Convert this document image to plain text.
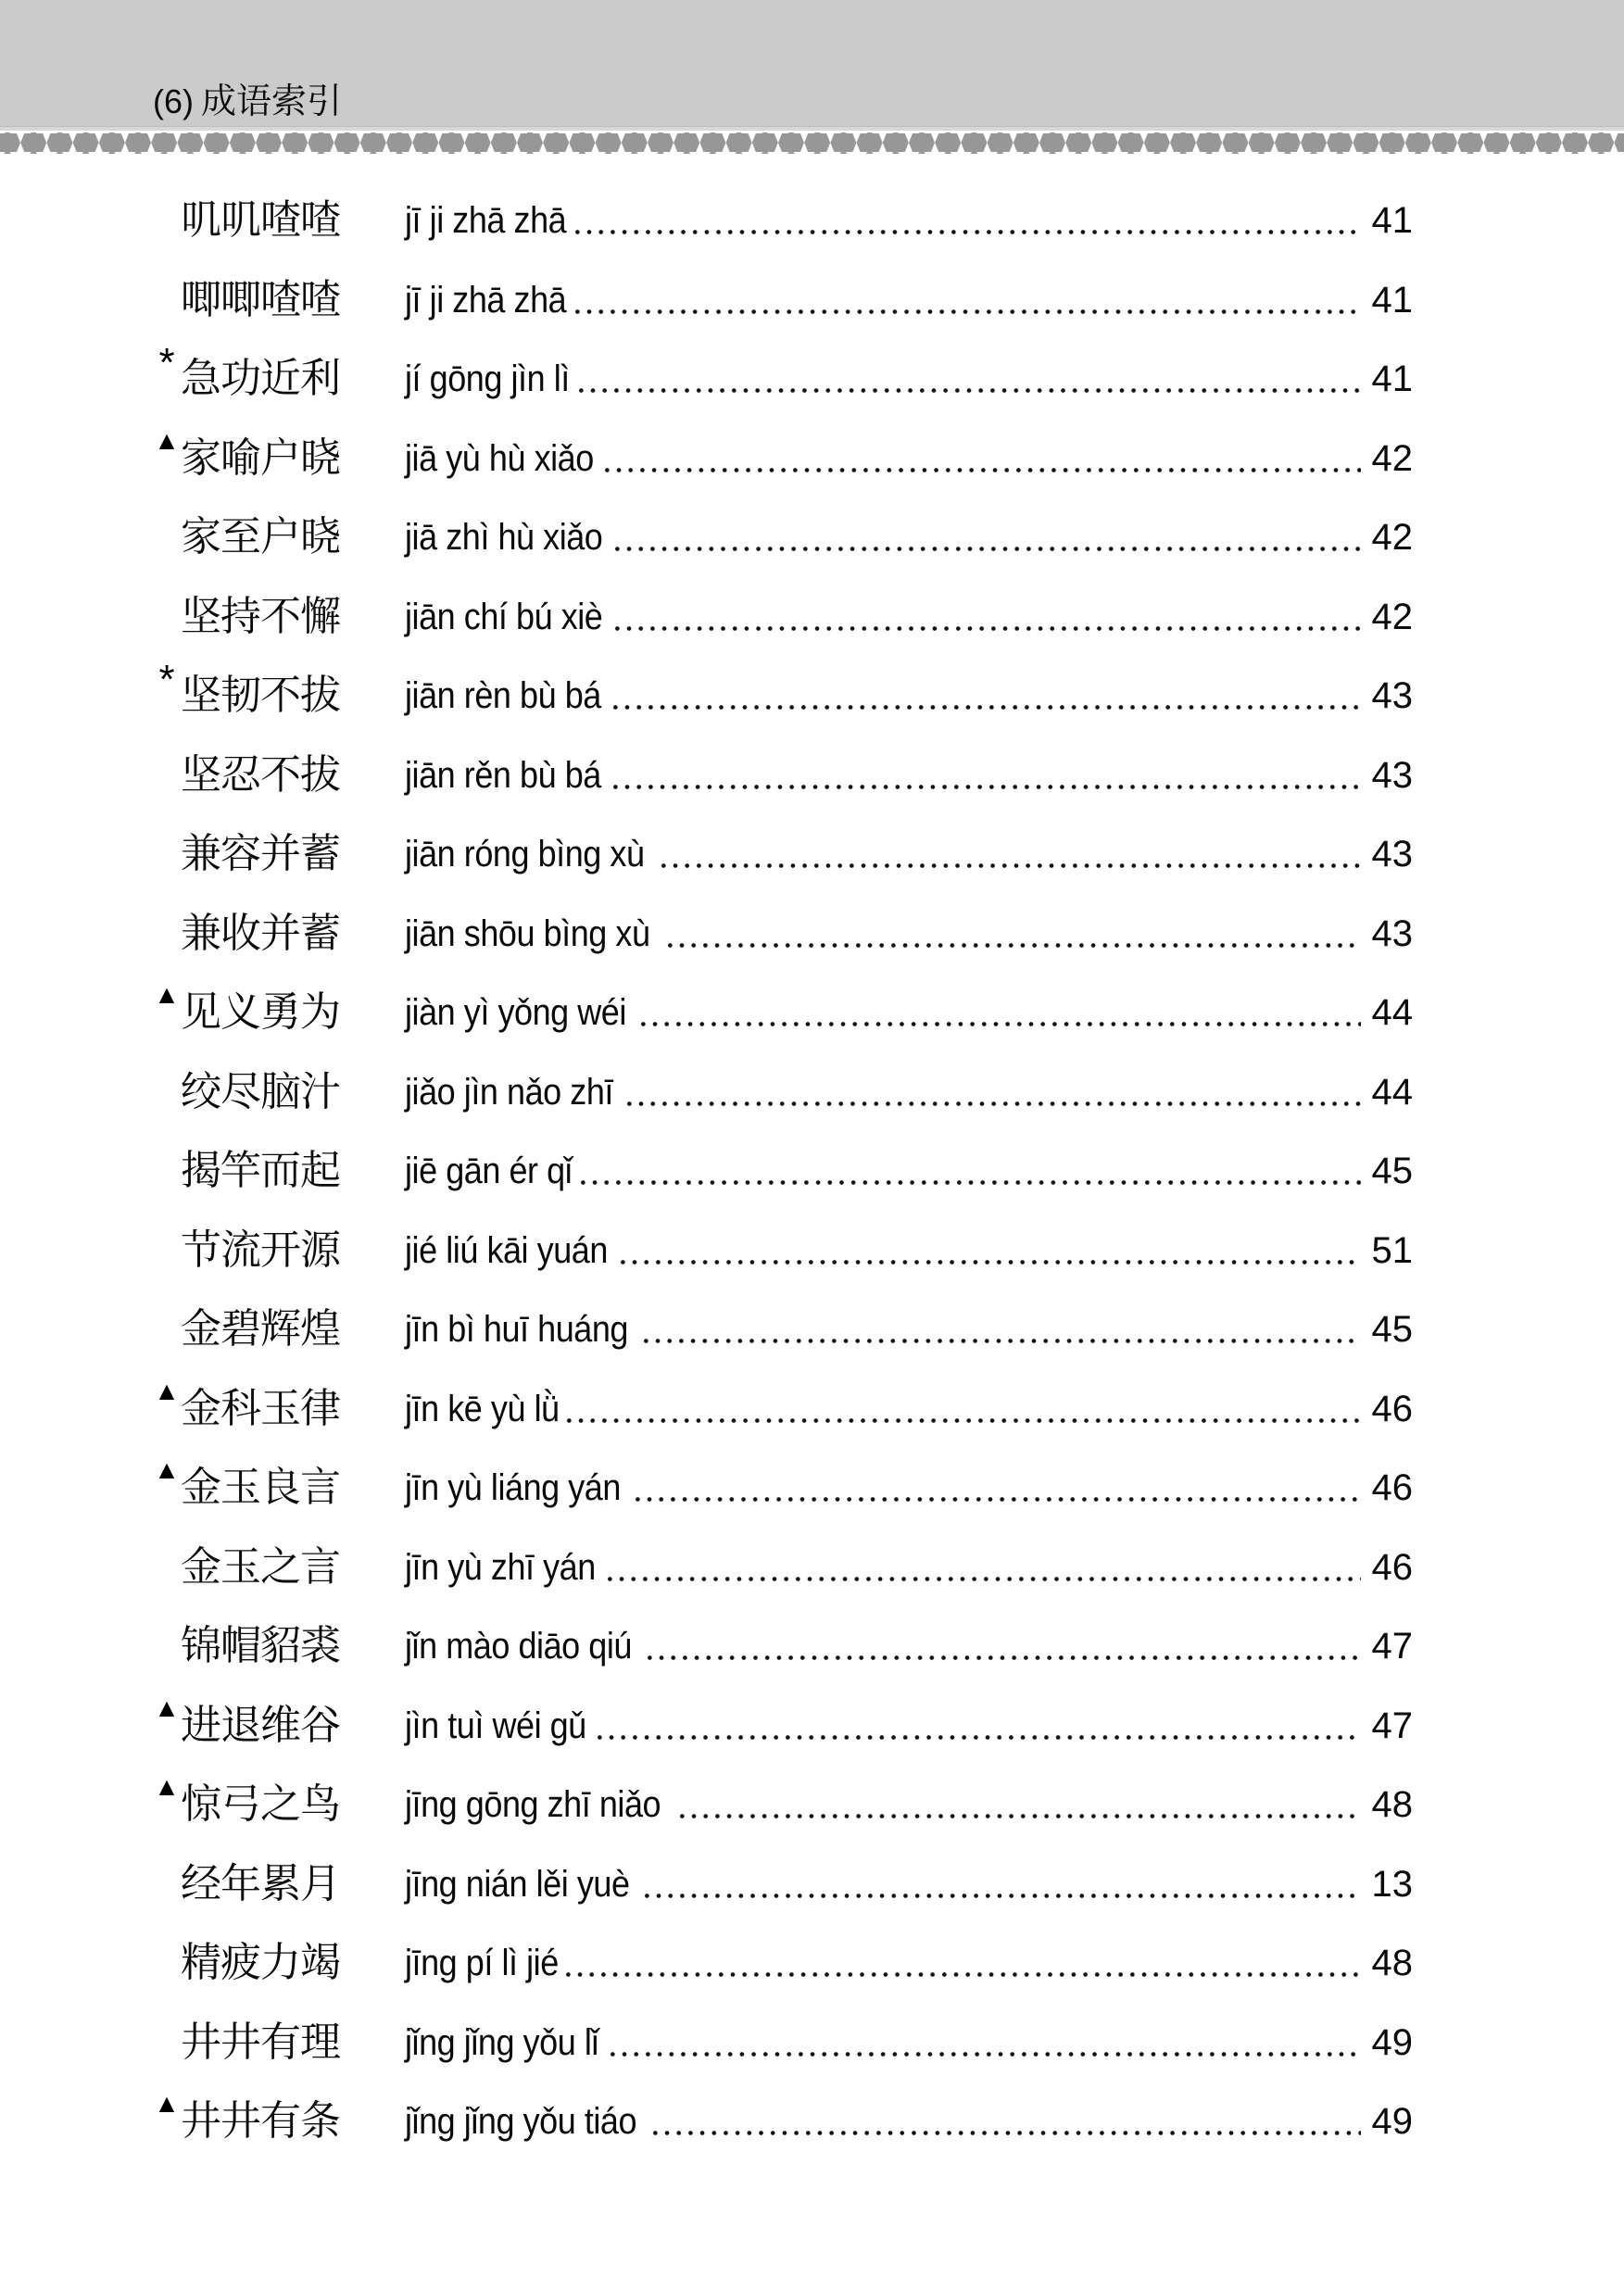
(6) 成语索引
叽叽喳喳 jī ji zhā zhā	41
唧唧喳喳 jī ji zhā zhā	41
* 急功近利 jí gōng jìn lì	41
▲ 家喻户晓 jiā yù hù xiǎo	42
家至户晓 jiā zhì hù xiǎo	42
坚持不懈 jiān chí bú xiè	42
* 坚韧不拔 jiān rèn bù bá	43
坚忍不拔 jiān rěn bù bá	43
兼容并蓄 jiān róng bìng xù	43
兼收并蓄 jiān shōu bìng xù	43
▲ 见义勇为 jiàn yì yǒng wéi	44
绞尽脑汁 jiǎo jìn nǎo zhī	44
揭竿而起 jiē gān ér qǐ	45
节流开源 jié liú kāi yuán	51
金碧辉煌 jīn bì huī huáng	45
▲ 金科玉律 jīn kē yù lǜ	46
▲ 金玉良言 jīn yù liáng yán	46
金玉之言 jīn yù zhī yán	46
锦帽貂裘 jǐn mào diāo qiú	47
▲ 进退维谷 jìn tuì wéi gǔ	47
▲ 惊弓之鸟 jīng gōng zhī niǎo	48
经年累月 jīng nián lěi yuè	13
精疲力竭 jīng pí lì jié	48
井井有理 jǐng jǐng yǒu lǐ	49
▲ 井井有条 jǐng jǐng yǒu tiáo	49
